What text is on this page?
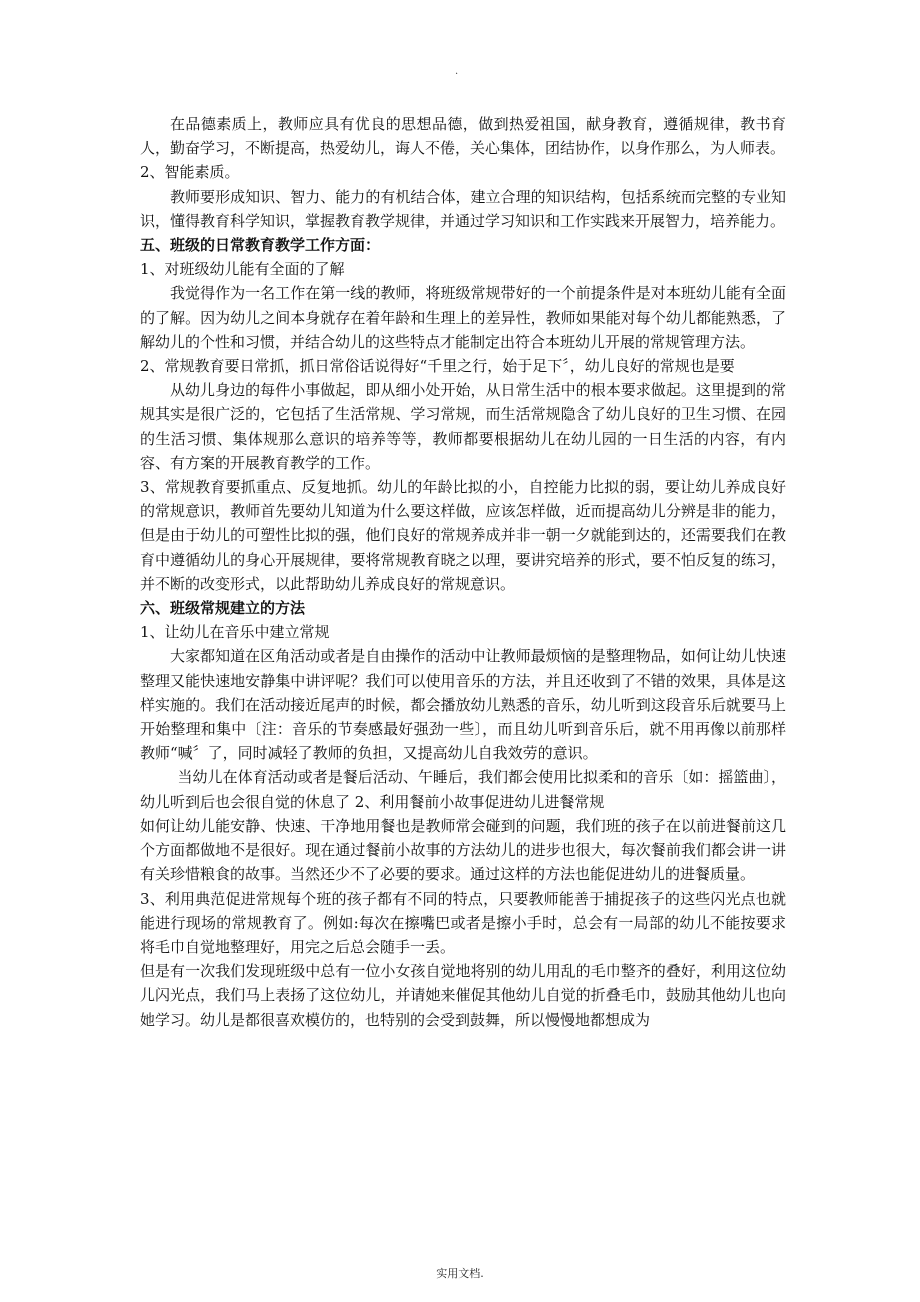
.

在品德素质上，教师应具有优良的思想品德，做到热爱祖国，献身教育，遵循规律，教书育人，勤奋学习，不断提高，热爱幼儿，诲人不倦，关心集体，团结协作，以身作那么，为人师表。

2、智能素质。

教师要形成知识、智力、能力的有机结合体，建立合理的知识结构，包括系统而完整的专业知识，懂得教育科学知识，掌握教育教学规律，并通过学习知识和工作实践来开展智力，培养能力。

五、班级的日常教育教学工作方面：

1、对班级幼儿能有全面的了解

我觉得作为一名工作在第一线的教师，将班级常规带好的一个前提条件是对本班幼儿能有全面的了解。因为幼儿之间本身就存在着年龄和生理上的差异性，教师如果能对每个幼儿都能熟悉，了解幼儿的个性和习惯，并结合幼儿的这些特点才能制定出符合本班幼儿开展的常规管理方法。

2、常规教育要日常抓，抓日常俗话说得好“千里之行，始于足下〞，幼儿良好的常规也是要

从幼儿身边的每件小事做起，即从细小处开始，从日常生活中的根本要求做起。这里提到的常规其实是很广泛的，它包括了生活常规、学习常规，而生活常规隐含了幼儿良好的卫生习惯、在园的生活习惯、集体规那么意识的培养等等，教师都要根据幼儿在幼儿园的一日生活的内容，有内容、有方案的开展教育教学的工作。

3、常规教育要抓重点、反复地抓。幼儿的年龄比拟的小，自控能力比拟的弱，要让幼儿养成良好的常规意识，教师首先要幼儿知道为什么要这样做，应该怎样做，近而提高幼儿分辨是非的能力，但是由于幼儿的可塑性比拟的强，他们良好的常规养成并非一朝一夕就能到达的，还需要我们在教育中遵循幼儿的身心开展规律，要将常规教育晓之以理，要讲究培养的形式，要不怕反复的练习，并不断的改变形式，以此帮助幼儿养成良好的常规意识。

六、班级常规建立的方法

1、让幼儿在音乐中建立常规

大家都知道在区角活动或者是自由操作的活动中让教师最烦恼的是整理物品，如何让幼儿快速整理又能快速地安静集中讲评呢？我们可以使用音乐的方法，并且还收到了不错的效果，具体是这样实施的。我们在活动接近尾声的时候，都会播放幼儿熟悉的音乐，幼儿听到这段音乐后就要马上开始整理和集中〔注：音乐的节奏感最好强劲一些〕，而且幼儿听到音乐后，就不用再像以前那样教师“喊〞了，同时减轻了教师的负担，又提高幼儿自我效劳的意识。

当幼儿在体育活动或者是餐后活动、午睡后，我们都会使用比拟柔和的音乐〔如：摇篮曲〕，幼儿听到后也会很自觉的休息了 2、利用餐前小故事促进幼儿进餐常规

如何让幼儿能安静、快速、干净地用餐也是教师常会碰到的问题，我们班的孩子在以前进餐前这几个方面都做地不是很好。现在通过餐前小故事的方法幼儿的进步也很大，每次餐前我们都会讲一讲有关珍惜粮食的故事。当然还少不了必要的要求。通过这样的方法也能促进幼儿的进餐质量。

3、利用典范促进常规每个班的孩子都有不同的特点，只要教师能善于捕捉孩子的这些闪光点也就能进行现场的常规教育了。例如:每次在擦嘴巴或者是擦小手时，总会有一局部的幼儿不能按要求将毛巾自觉地整理好，用完之后总会随手一丢。

但是有一次我们发现班级中总有一位小女孩自觉地将别的幼儿用乱的毛巾整齐的叠好，利用这位幼儿闪光点，我们马上表扬了这位幼儿，并请她来催促其他幼儿自觉的折叠毛巾，鼓励其他幼儿也向她学习。幼儿是都很喜欢模仿的，也特别的会受到鼓舞，所以慢慢地都想成为

实用文档.
